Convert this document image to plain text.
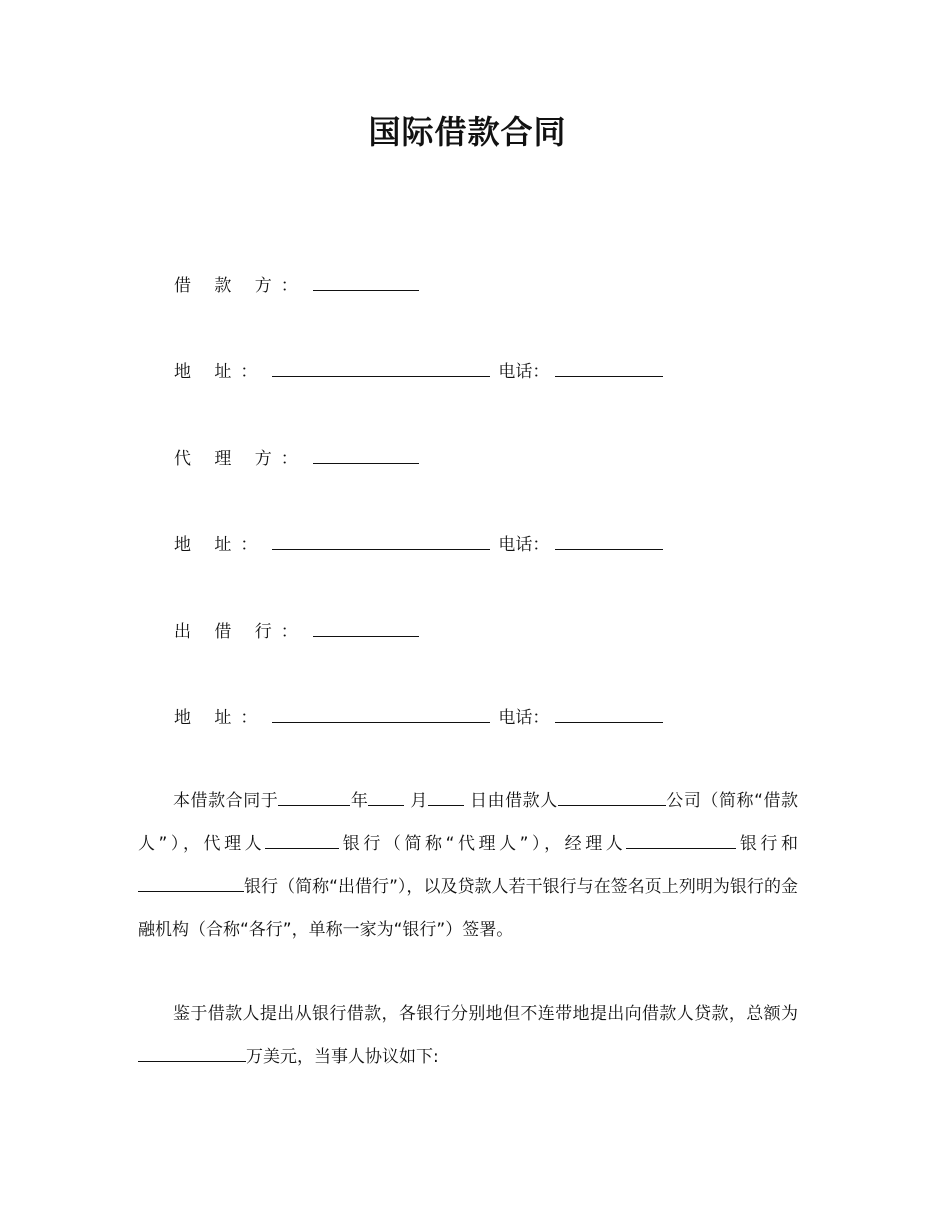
国际借款合同
借 款 方：
地 址：	电话：
代 理 方：
地 址：	电话：
出 借 行：
地 址：	电话：
本借款合同于	年 月 日由借款人	公司（简称“借款人”），代理人	银行（简称“代理人”），经理人	银行和银行（简称“出借行”），以及贷款人若干银行与在签名页上列明为银行的金融机构（合称“各行”，单称一家为“银行”）签署。
鉴于借款人提出从银行借款，各银行分别地但不连带地提出向借款人贷款，总额为万美元，当事人协议如下:
